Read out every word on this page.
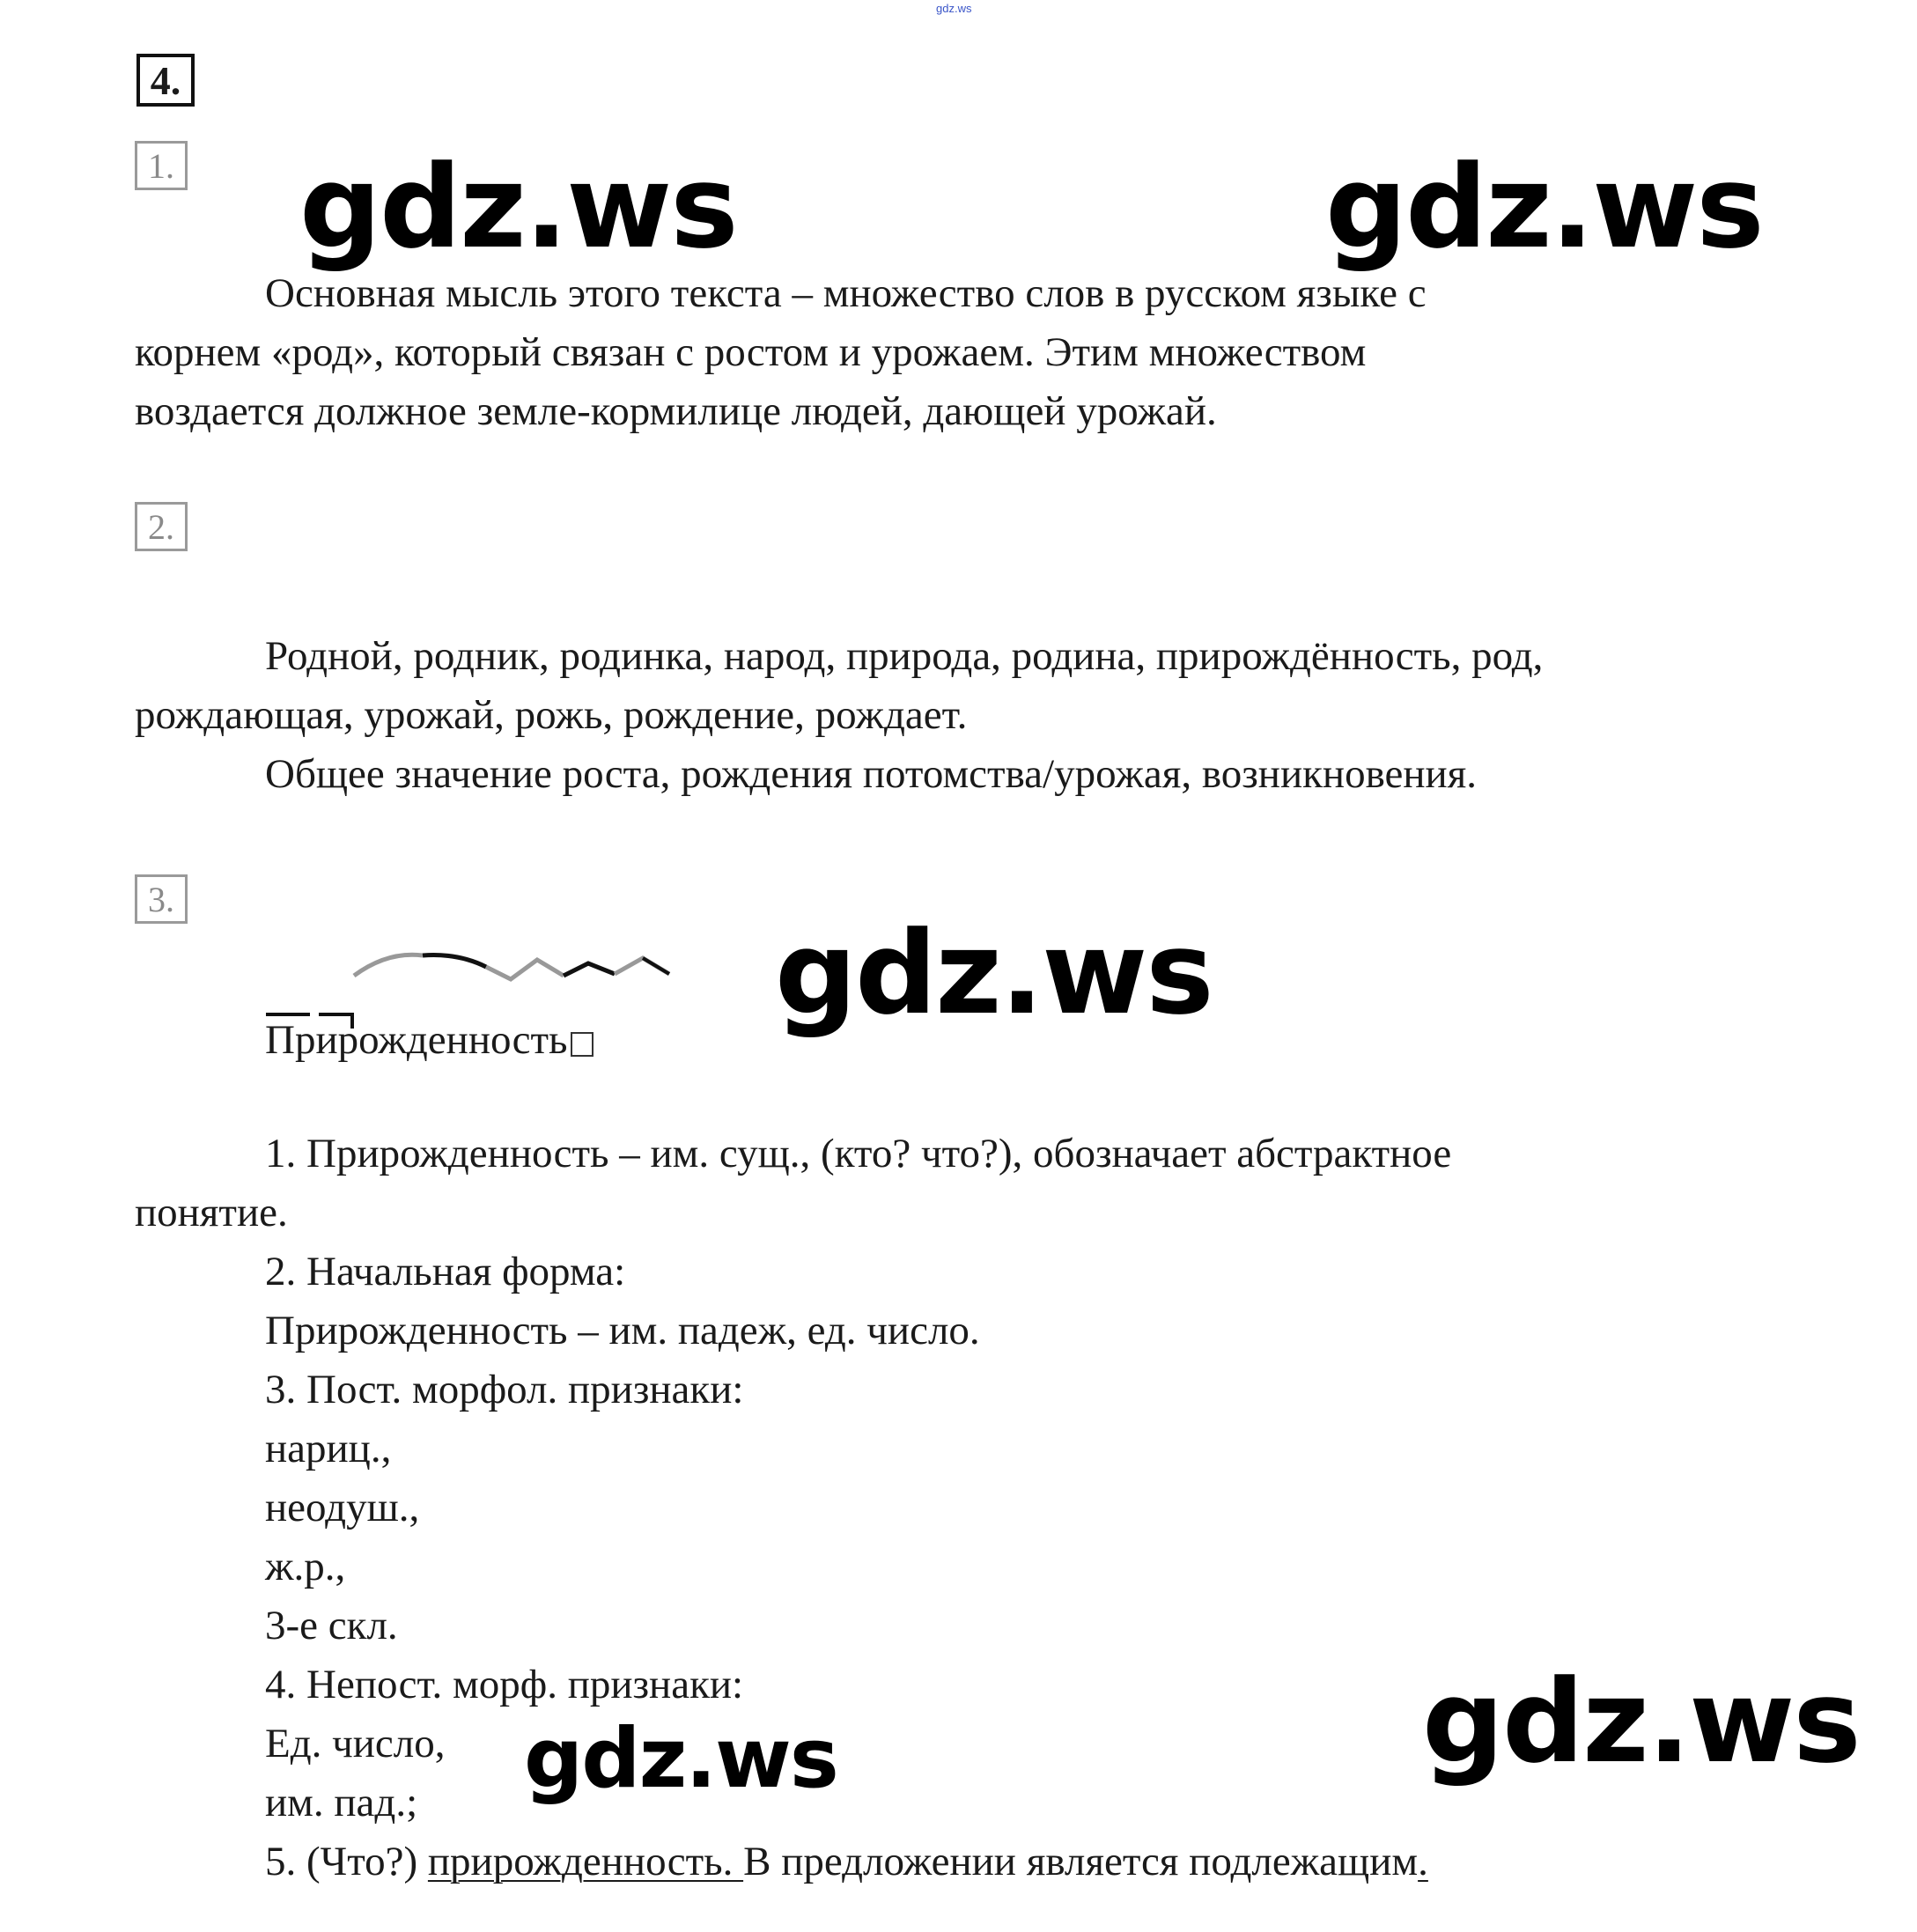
gdz.ws
4.
1. gdz.ws	gdz.ws
Основная мысль этого текста – множество слов в русском языке с
корнем «род», который связан с ростом и урожаем. Этим множеством
воздается должное земле-кормилице людей, дающей урожай.
2.
Родной, родник, родинка, народ, природа, родина, прирождённость, род,
рождающая, урожай, рожь, рождение, рождает.
Общее значение роста, рождения потомства/урожая, возникновения.
3.
gdz.ws
Прирожденность
1. Прирожденность – им. сущ., (кто? что?), обозначает абстрактное
понятие.
2. Начальная форма:
Прирожденность – им. падеж, ед. число.
3. Пост. морфол. признаки:
нариц.,
неодуш.,
ж.р.,
3-е скл.
4. Непост. морф. признаки:
Ед. число,
им. пад.;
5. (Что?) прирожденность. В предложении является подлежащим.
gdz.ws
gdz.ws
